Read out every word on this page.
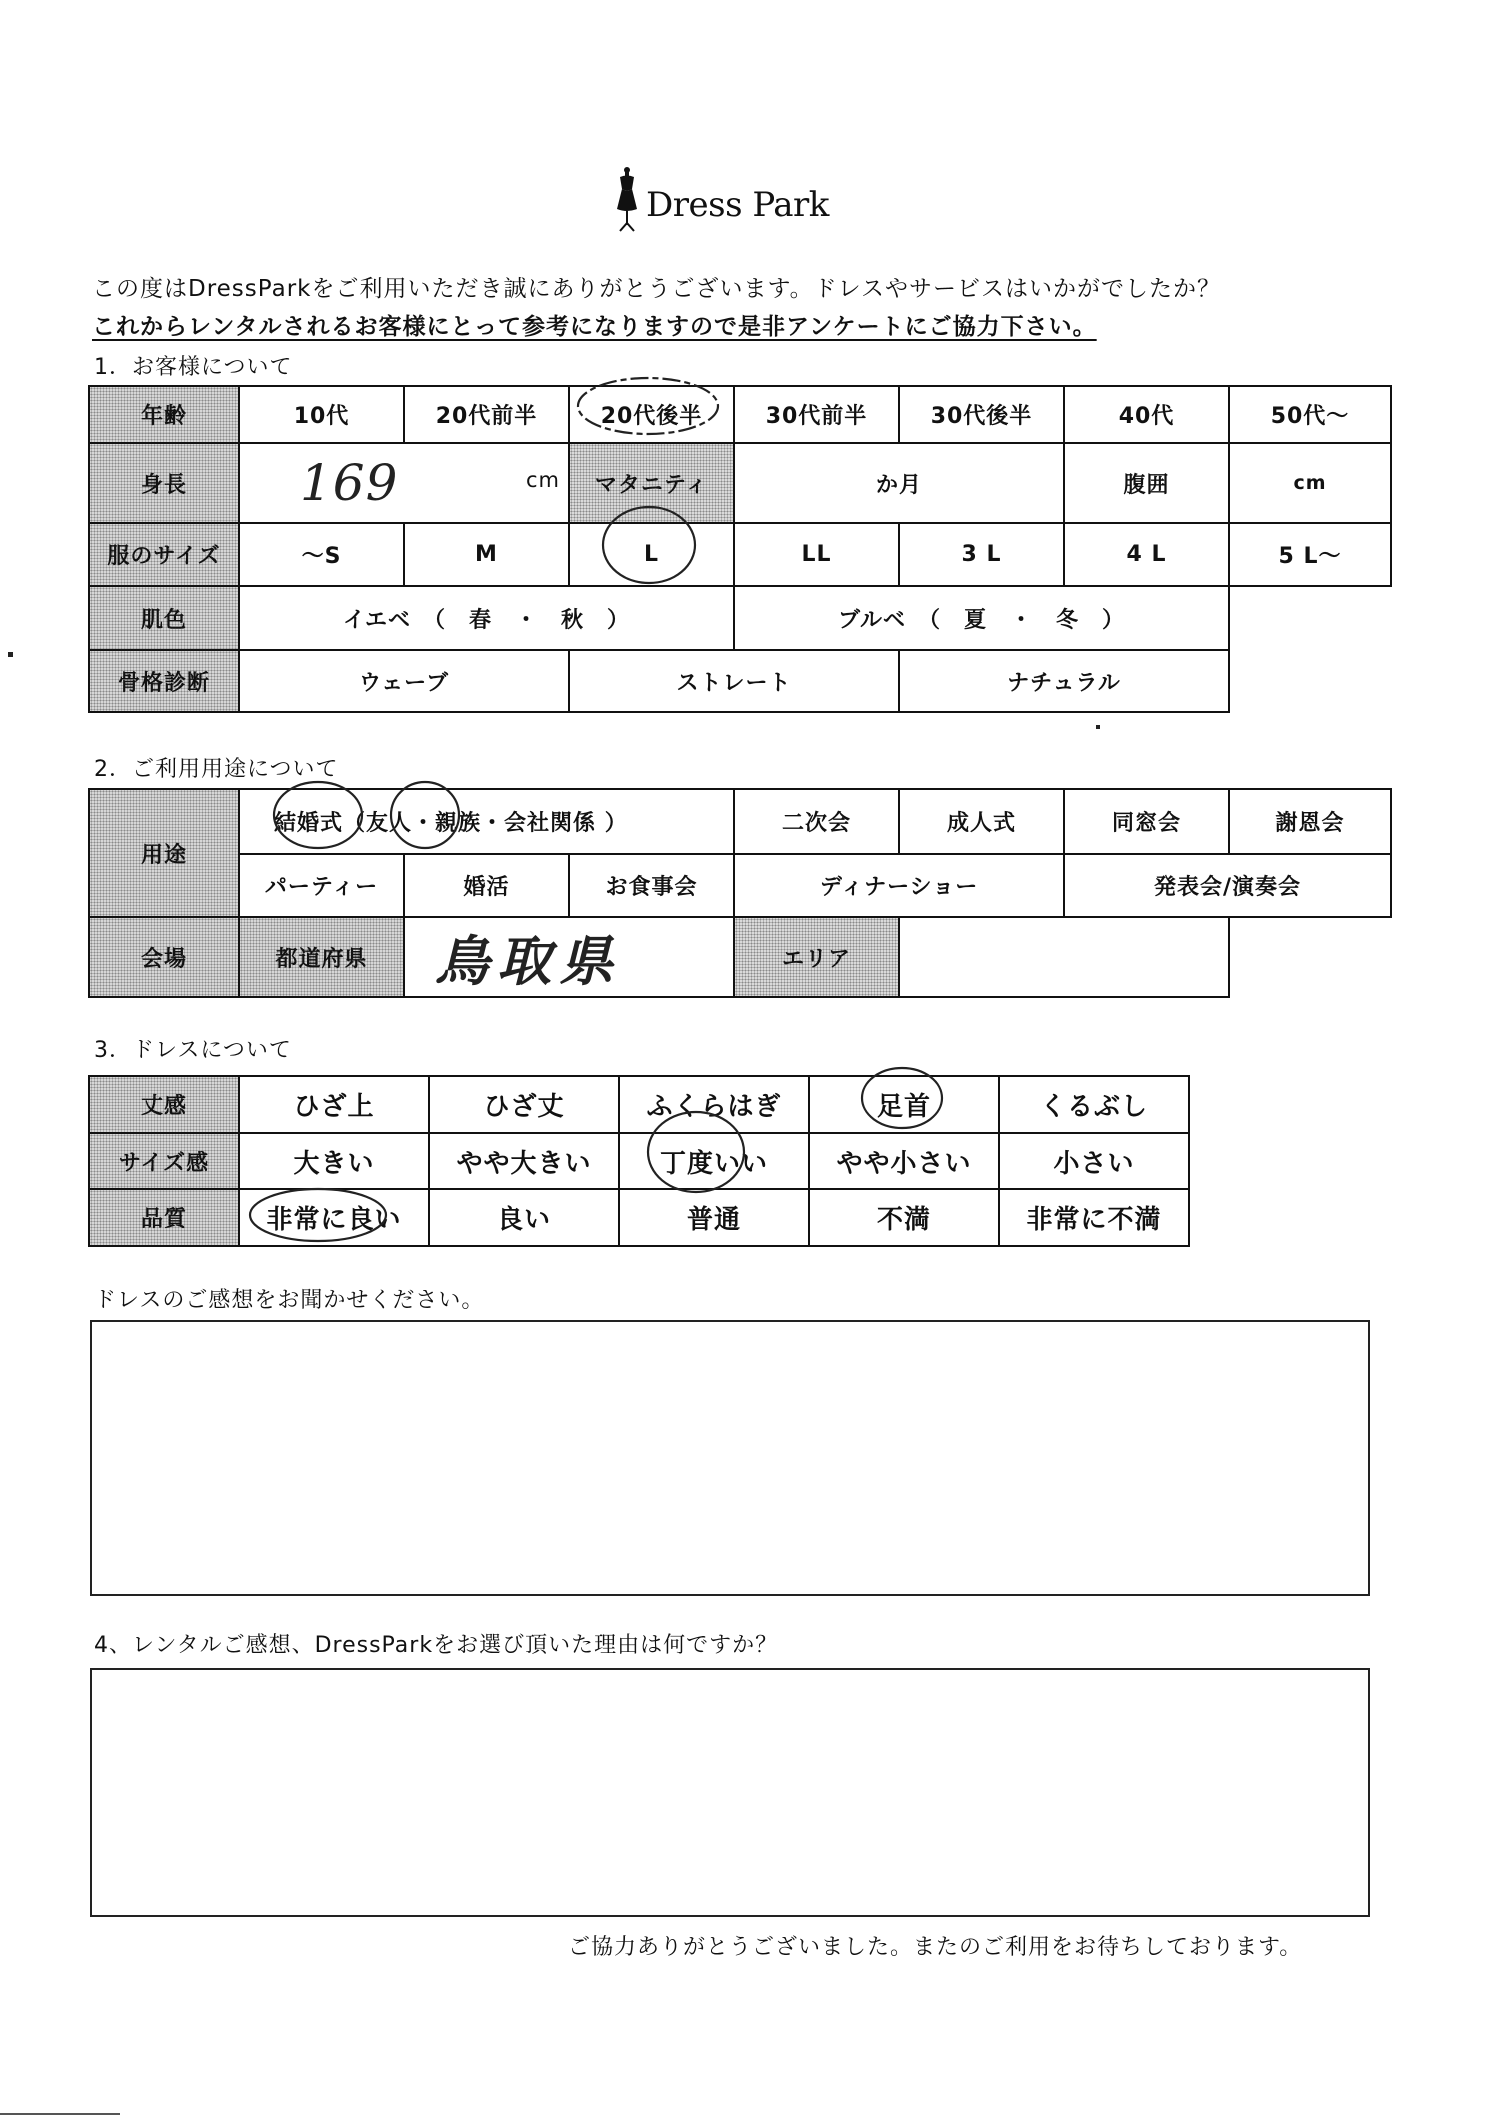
Dress Park
この度はDressParkをご利用いただき誠にありがとうございます。ドレスやサービスはいかがでしたか？
これからレンタルされるお客様にとって参考になりますので是非アンケートにご協力下さい。
1．お客様について
年齢	10代	20代前半	20代後半	30代前半	30代後半	40代	50代～
身長	169 cm		マタニティ	か月		腹囲	cm
服のサイズ	～S	M	L	LL	3 L	4 L	5 L～
肌色	イエベ　（　春　・　秋　）			ブルベ　（　夏　・　冬　）			
骨格診断	ウェーブ		ストレート		ナチュラル		
2．ご利用用途について
用途	結婚式（友人・親族・会社関係 ）			二次会	成人式	同窓会	謝恩会
	パーティー	婚活	お食事会	ディナーショー		発表会/演奏会	
会場	都道府県	鳥取県		エリア			
3．ドレスについて
丈感	ひざ上	ひざ丈	ふくらはぎ	足首	くるぶし
サイズ感	大きい	やや大きい	丁度いい	やや小さい	小さい
品質	非常に良い	良い	普通	不満	非常に不満
ドレスのご感想をお聞かせください。
4、レンタルご感想、DressParkをお選び頂いた理由は何ですか？
ご協力ありがとうございました。またのご利用をお待ちしております。
